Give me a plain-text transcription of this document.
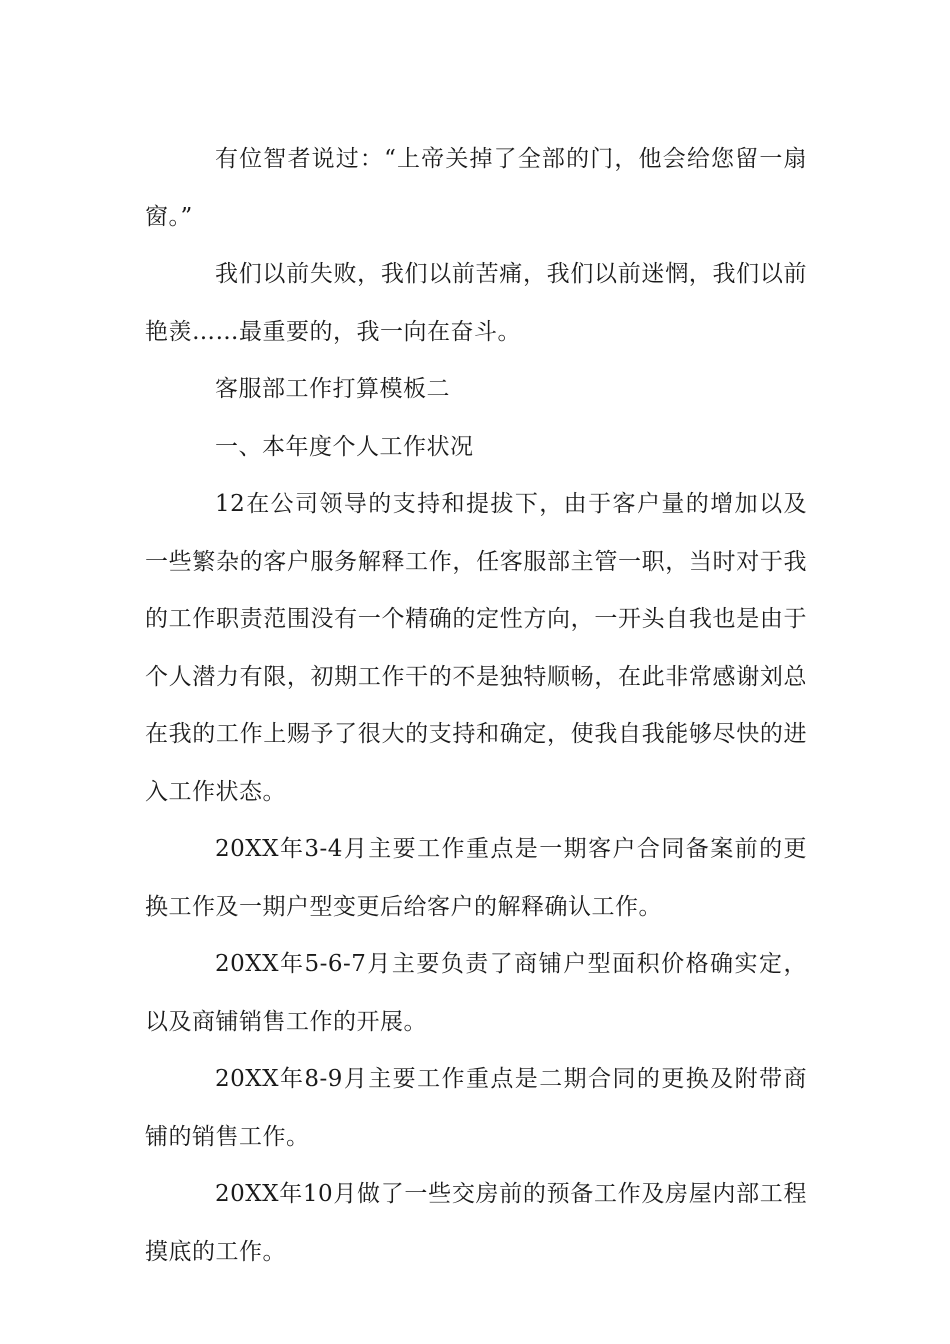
有位智者说过：“上帝关掉了全部的门，他会给您留一扇窗。”

我们以前失败，我们以前苦痛，我们以前迷惘，我们以前艳羡……最重要的，我一向在奋斗。

客服部工作打算模板二

一、本年度个人工作状况

12在公司领导的支持和提拔下，由于客户量的增加以及一些繁杂的客户服务解释工作，任客服部主管一职，当时对于我的工作职责范围没有一个精确的定性方向，一开头自我也是由于个人潜力有限，初期工作干的不是独特顺畅，在此非常感谢刘总在我的工作上赐予了很大的支持和确定，使我自我能够尽快的进入工作状态。

20XX年3-4月主要工作重点是一期客户合同备案前的更换工作及一期户型变更后给客户的解释确认工作。

20XX年5-6-7月主要负责了商铺户型面积价格确实定，以及商铺销售工作的开展。

20XX年8-9月主要工作重点是二期合同的更换及附带商铺的销售工作。

20XX年10月做了一些交房前的预备工作及房屋内部工程摸底的工作。
